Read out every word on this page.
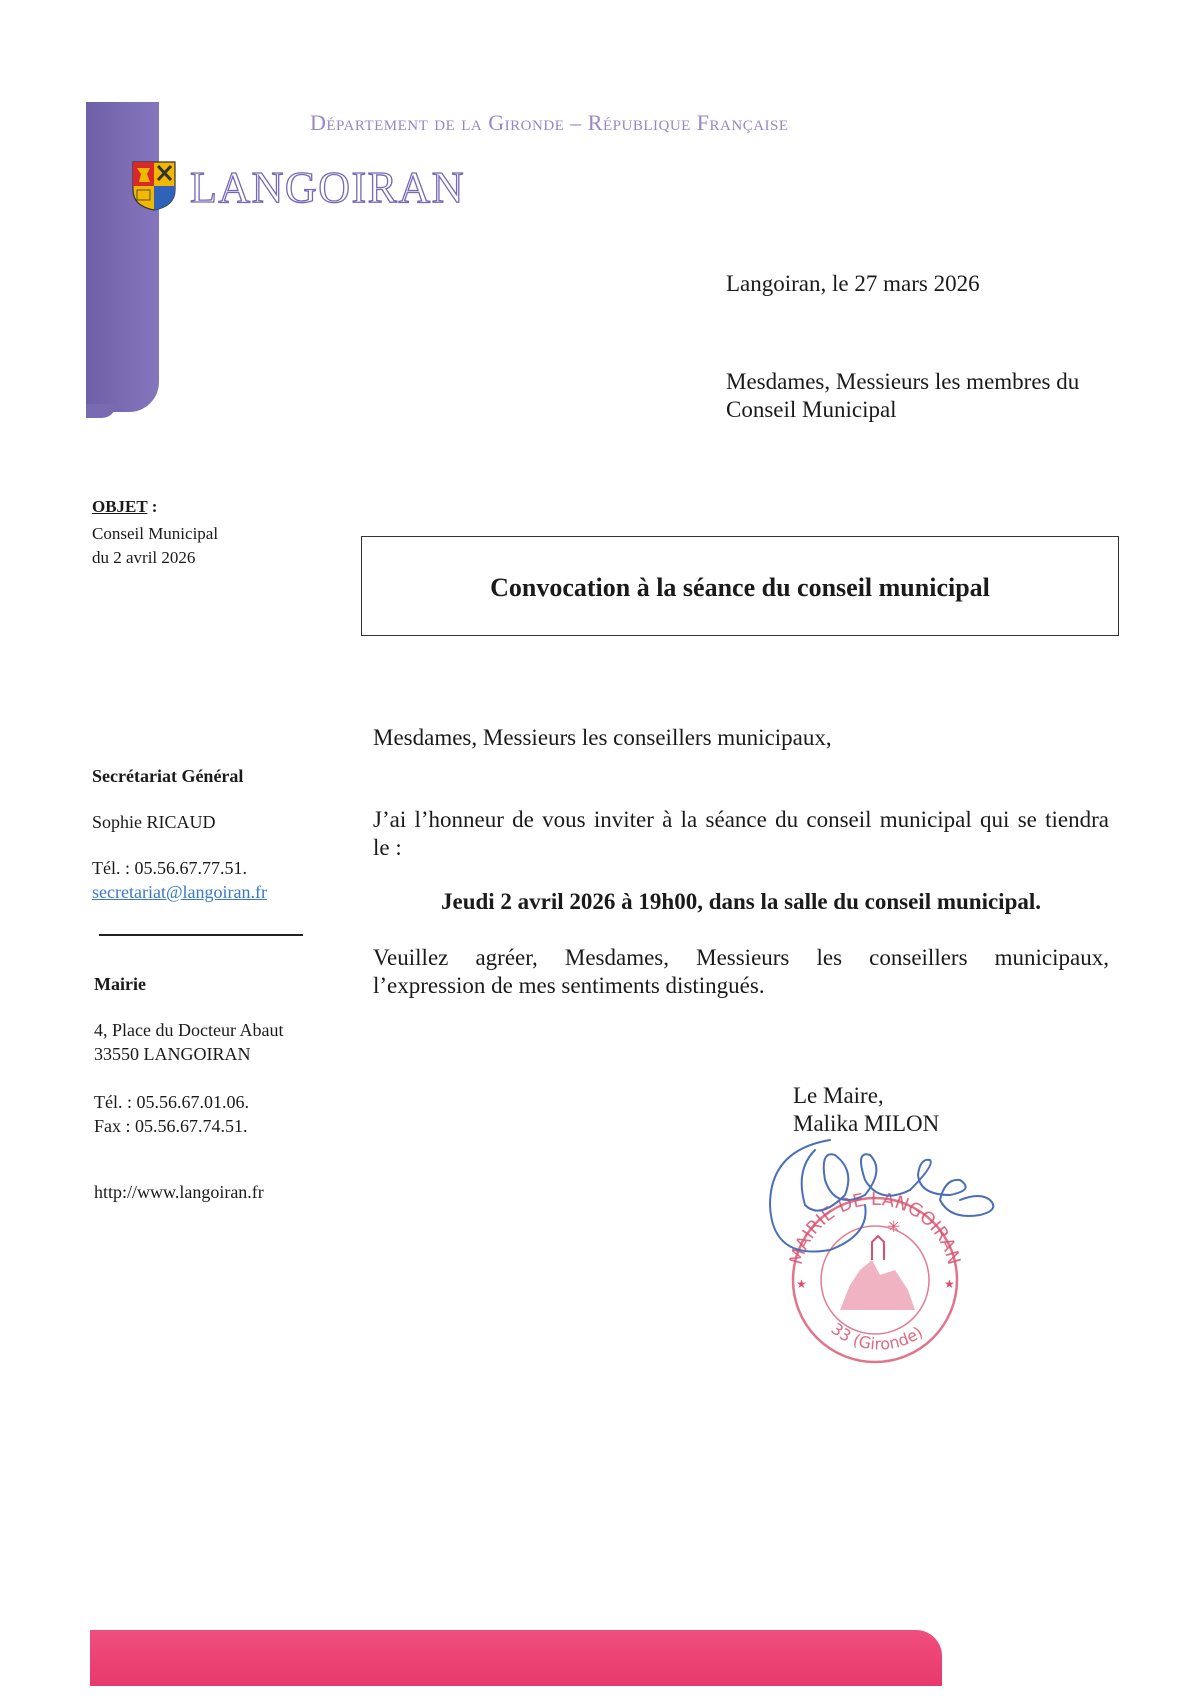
Département de la Gironde – République Française
LANGOIRAN
Langoiran, le 27 mars 2026
Mesdames, Messieurs les membres du
Conseil Municipal
OBJET :
Conseil Municipal
du 2 avril 2026
Convocation à la séance du conseil municipal
Secrétariat Général
Sophie RICAUD
Tél. : 05.56.67.77.51.
secretariat@langoiran.fr
Mairie
4, Place du Docteur Abaut
33550 LANGOIRAN
Tél. : 05.56.67.01.06.
Fax : 05.56.67.74.51.
http://www.langoiran.fr
Mesdames, Messieurs les conseillers municipaux,
J’ai l’honneur de vous inviter à la séance du conseil municipal qui se tiendra
le :
Jeudi 2 avril 2026 à 19h00, dans la salle du conseil municipal.
Veuillez agréer, Mesdames, Messieurs les conseillers municipaux,
l’expression de mes sentiments distingués.
Le Maire,
Malika MILON
MAIRIE DE LANGOIRAN
33 (Gironde)
✳
★	★
